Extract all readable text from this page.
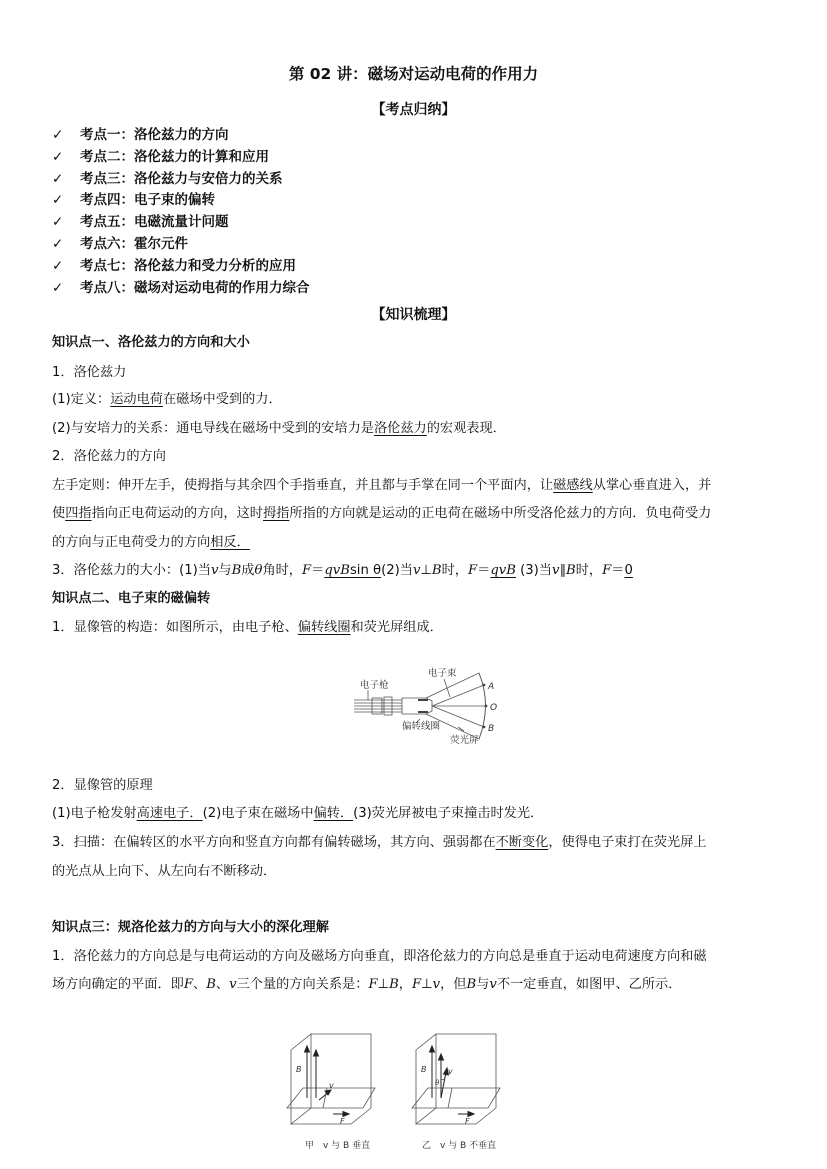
第 02 讲：磁场对运动电荷的作用力
【考点归纳】
✓ 考点一：洛伦兹力的方向
✓ 考点二：洛伦兹力的计算和应用
✓ 考点三：洛伦兹力与安倍力的关系
✓ 考点四：电子束的偏转
✓ 考点五：电磁流量计问题
✓ 考点六：霍尔元件
✓ 考点七：洛伦兹力和受力分析的应用
✓ 考点八：磁场对运动电荷的作用力综合
【知识梳理】
知识点一、洛伦兹力的方向和大小
1．洛伦兹力
(1)定义：运动电荷在磁场中受到的力．
(2)与安培力的关系：通电导线在磁场中受到的安培力是洛伦兹力的宏观表现．
2．洛伦兹力的方向
左手定则：伸开左手，使拇指与其余四个手指垂直，并且都与手掌在同一个平面内，让磁感线从掌心垂直进入，并
使四指指向正电荷运动的方向，这时拇指所指的方向就是运动的正电荷在磁场中所受洛伦兹力的方向．负电荷受力
的方向与正电荷受力的方向相反．
3．洛伦兹力的大小：(1)当v与B成θ角时，F＝qvBsin θ(2)当v⊥B时，F＝qvB (3)当v∥B时，F＝0
知识点二、电子束的磁偏转
1．显像管的构造：如图所示，由电子枪、偏转线圈和荧光屏组成．
电子枪
电子束
偏转线圈
荧光屏
A
O
B
2．显像管的原理
(1)电子枪发射高速电子．(2)电子束在磁场中偏转．(3)荧光屏被电子束撞击时发光．
3．扫描：在偏转区的水平方向和竖直方向都有偏转磁场，其方向、强弱都在不断变化，使得电子束打在荧光屏上
的光点从上向下、从左向右不断移动．
知识点三：规洛伦兹力的方向与大小的深化理解
1．洛伦兹力的方向总是与电荷运动的方向及磁场方向垂直，即洛伦兹力的方向总是垂直于运动电荷速度方向和磁
场方向确定的平面．即F、B、v三个量的方向关系是：F⊥B，F⊥v，但B与v不一定垂直，如图甲、乙所示．
B
v
F
甲　v 与 B 垂直
B	v
θ
F
乙　v 与 B 不垂直
